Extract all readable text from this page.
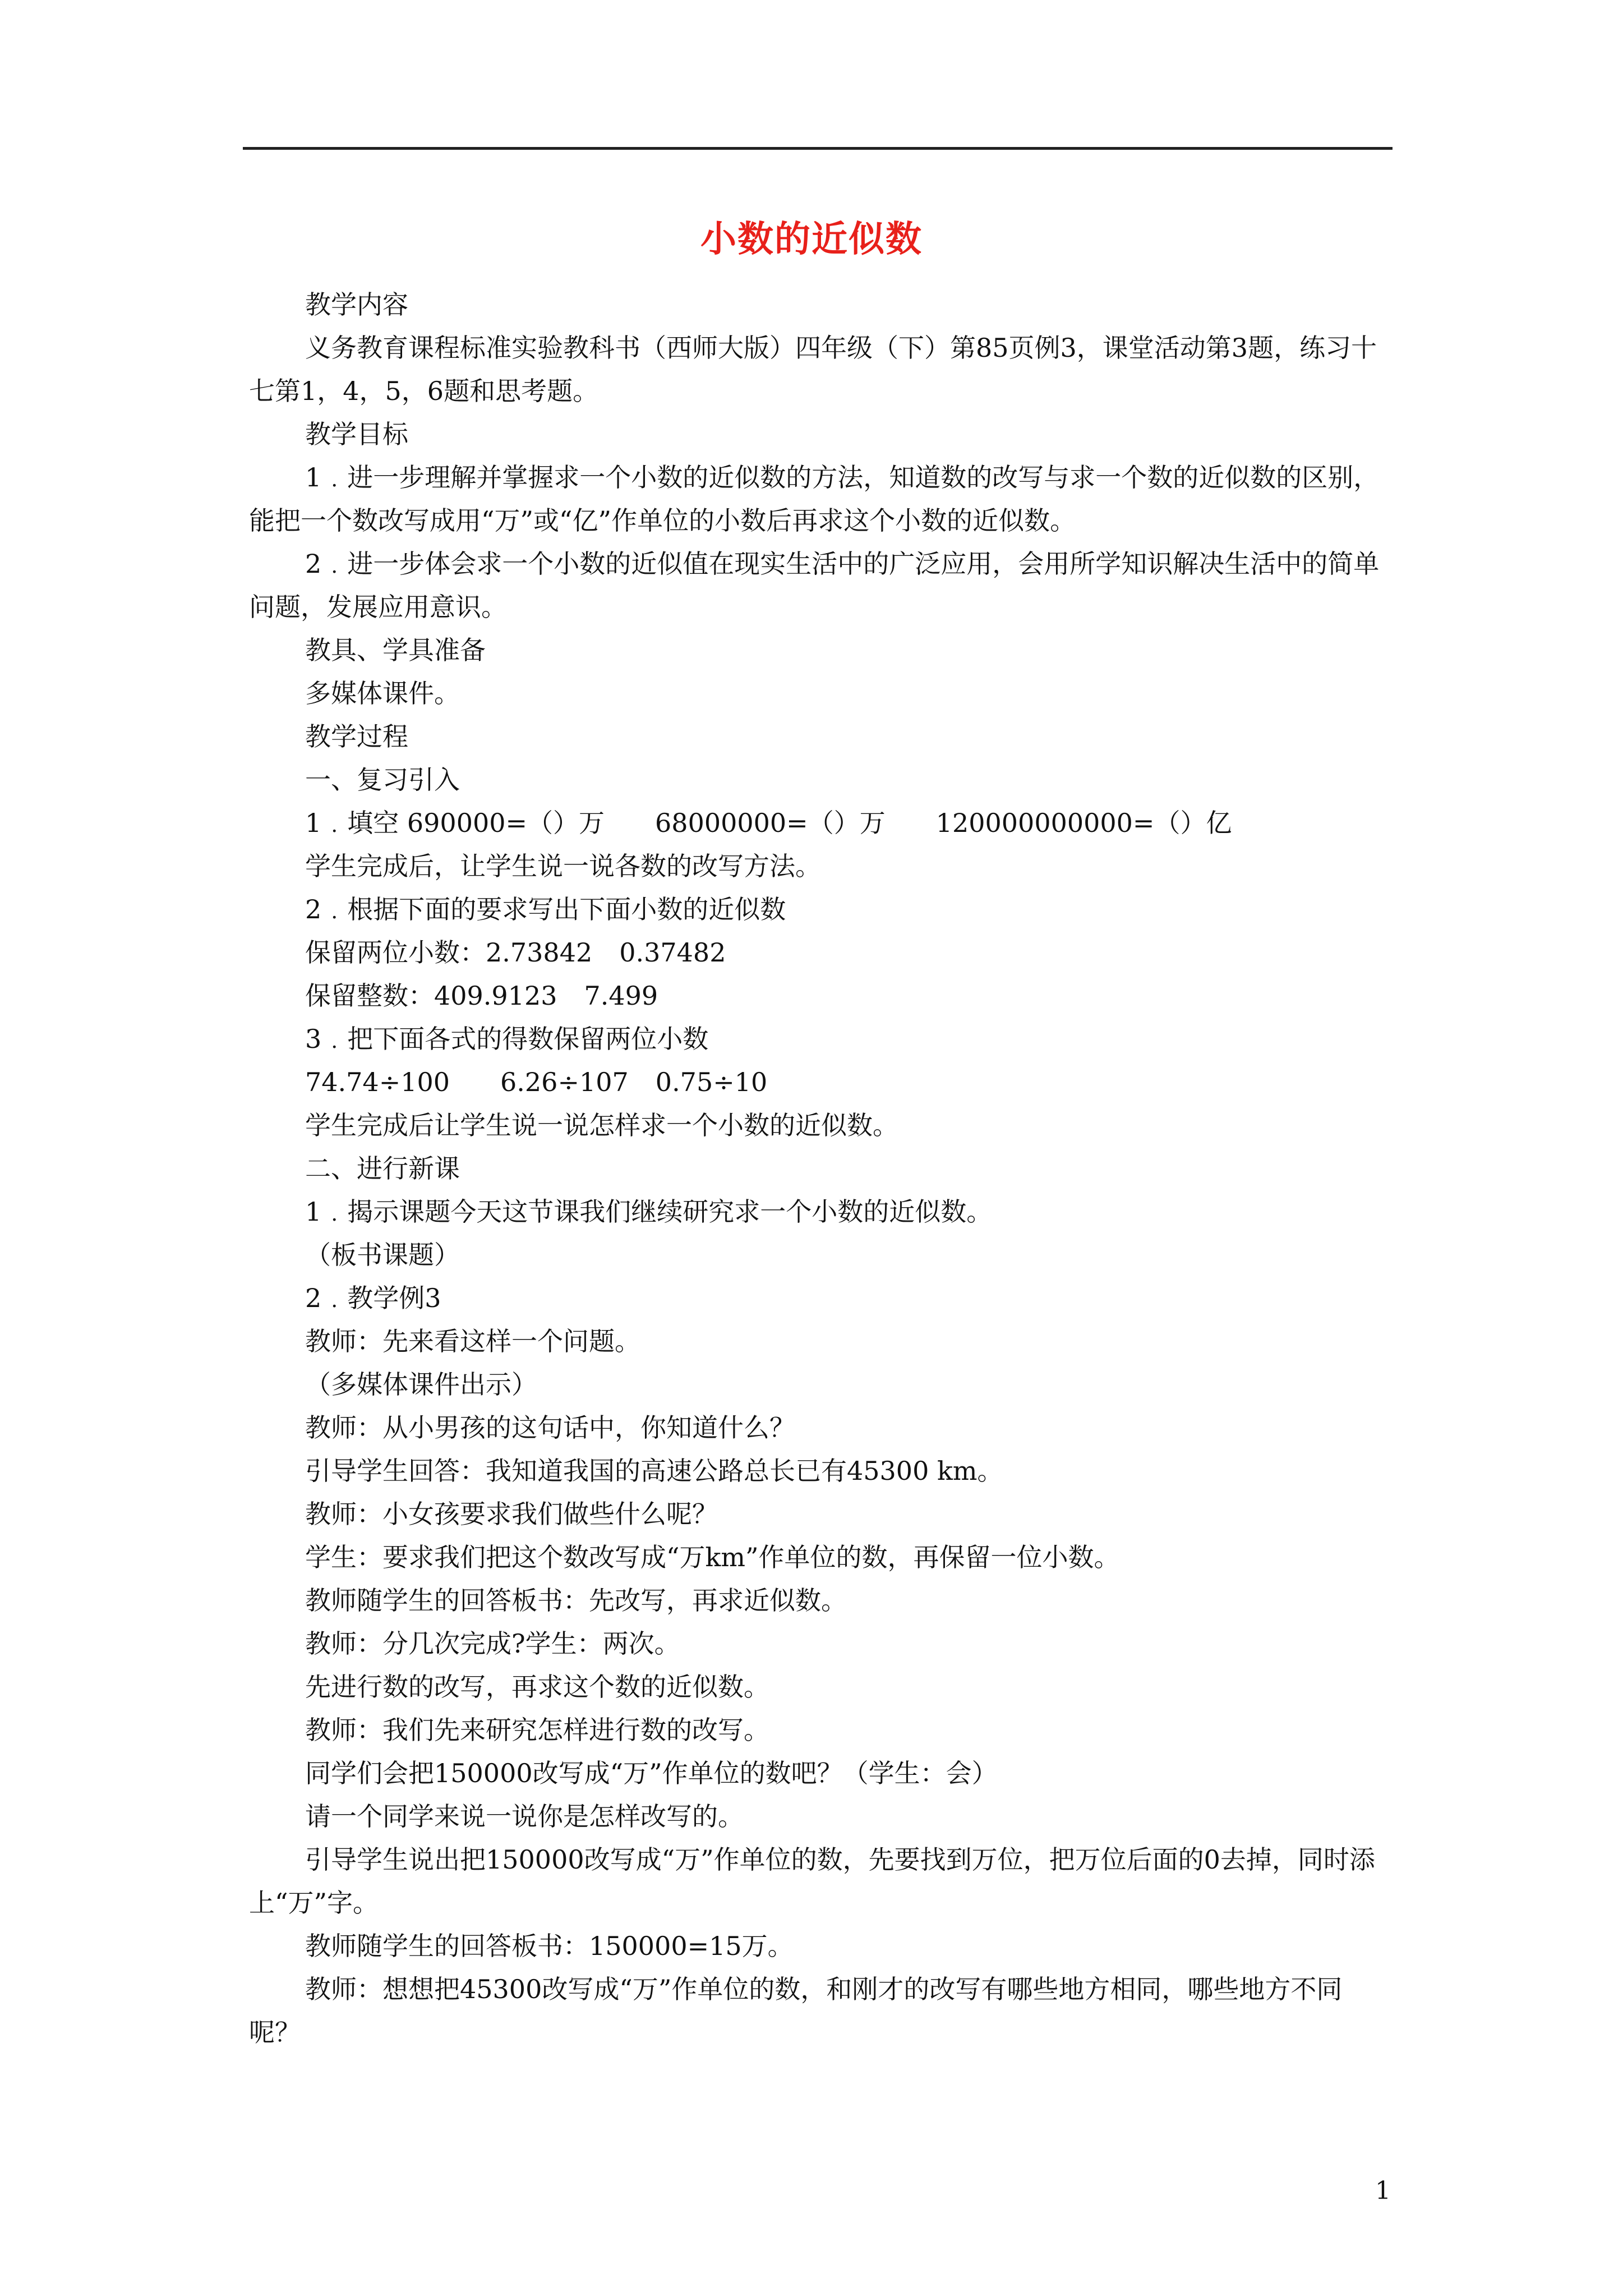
小数的近似数

教学内容

义务教育课程标准实验教科书（西师大版）四年级（下）第85页例3，课堂活动第3题，练习十七第1，4，5，6题和思考题。

教学目标

1﹒进一步理解并掌握求一个小数的近似数的方法，知道数的改写与求一个数的近似数的区别，能把一个数改写成用“万”或“亿”作单位的小数后再求这个小数的近似数。

2﹒进一步体会求一个小数的近似值在现实生活中的广泛应用，会用所学知识解决生活中的简单问题，发展应用意识。

教具、学具准备

多媒体课件。

教学过程

一、复习引入

1﹒填空 690000=（）万 68000000=（）万 120000000000=（）亿

学生完成后，让学生说一说各数的改写方法。

2﹒根据下面的要求写出下面小数的近似数

保留两位小数：2.73842 0.37482

保留整数：409.9123 7.499

3﹒把下面各式的得数保留两位小数

74.74÷100 6.26÷107 0.75÷10

学生完成后让学生说一说怎样求一个小数的近似数。

二、进行新课

1﹒揭示课题今天这节课我们继续研究求一个小数的近似数。

（板书课题）

2﹒教学例3

教师：先来看这样一个问题。

（多媒体课件出示）

教师：从小男孩的这句话中，你知道什么？

引导学生回答：我知道我国的高速公路总长已有45300 km。

教师：小女孩要求我们做些什么呢？

学生：要求我们把这个数改写成“万km”作单位的数，再保留一位小数。

教师随学生的回答板书：先改写，再求近似数。

教师：分几次完成?学生：两次。

先进行数的改写，再求这个数的近似数。

教师：我们先来研究怎样进行数的改写。

同学们会把150000改写成“万”作单位的数吧？（学生：会）

请一个同学来说一说你是怎样改写的。

引导学生说出把150000改写成“万”作单位的数，先要找到万位，把万位后面的0去掉，同时添上“万”字。

教师随学生的回答板书：150000=15万。

教师：想想把45300改写成“万”作单位的数，和刚才的改写有哪些地方相同，哪些地方不同呢？

1
